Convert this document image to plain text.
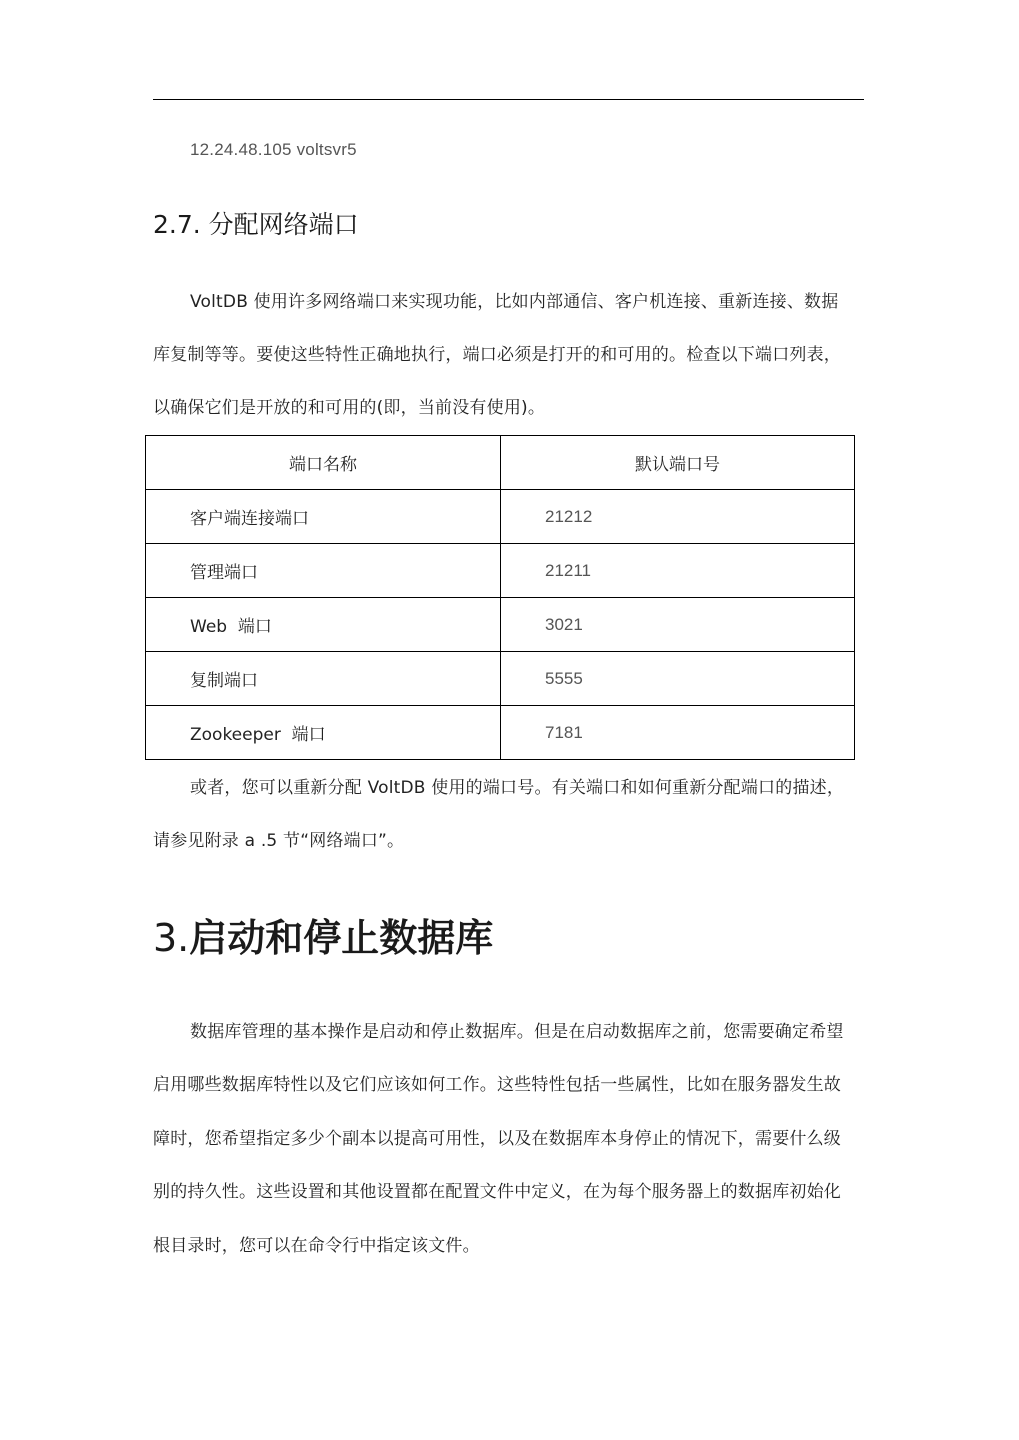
12.24.48.105 voltsvr5
2.7. 分配网络端口
VoltDB 使用许多网络端口来实现功能，比如内部通信、客户机连接、重新连接、数据
库复制等等。要使这些特性正确地执行，端口必须是打开的和可用的。检查以下端口列表，
以确保它们是开放的和可用的(即，当前没有使用)。
端口名称	默认端口号
客户端连接端口	21212
管理端口	21211
Web  端口	3021
复制端口	5555
Zookeeper  端口	7181
或者，您可以重新分配 VoltDB 使用的端口号。有关端口和如何重新分配端口的描述，
请参见附录 a .5 节“网络端口”。
3.启动和停止数据库
数据库管理的基本操作是启动和停止数据库。但是在启动数据库之前，您需要确定希望
启用哪些数据库特性以及它们应该如何工作。这些特性包括一些属性，比如在服务器发生故
障时，您希望指定多少个副本以提高可用性，以及在数据库本身停止的情况下，需要什么级
别的持久性。这些设置和其他设置都在配置文件中定义，在为每个服务器上的数据库初始化
根目录时，您可以在命令行中指定该文件。
